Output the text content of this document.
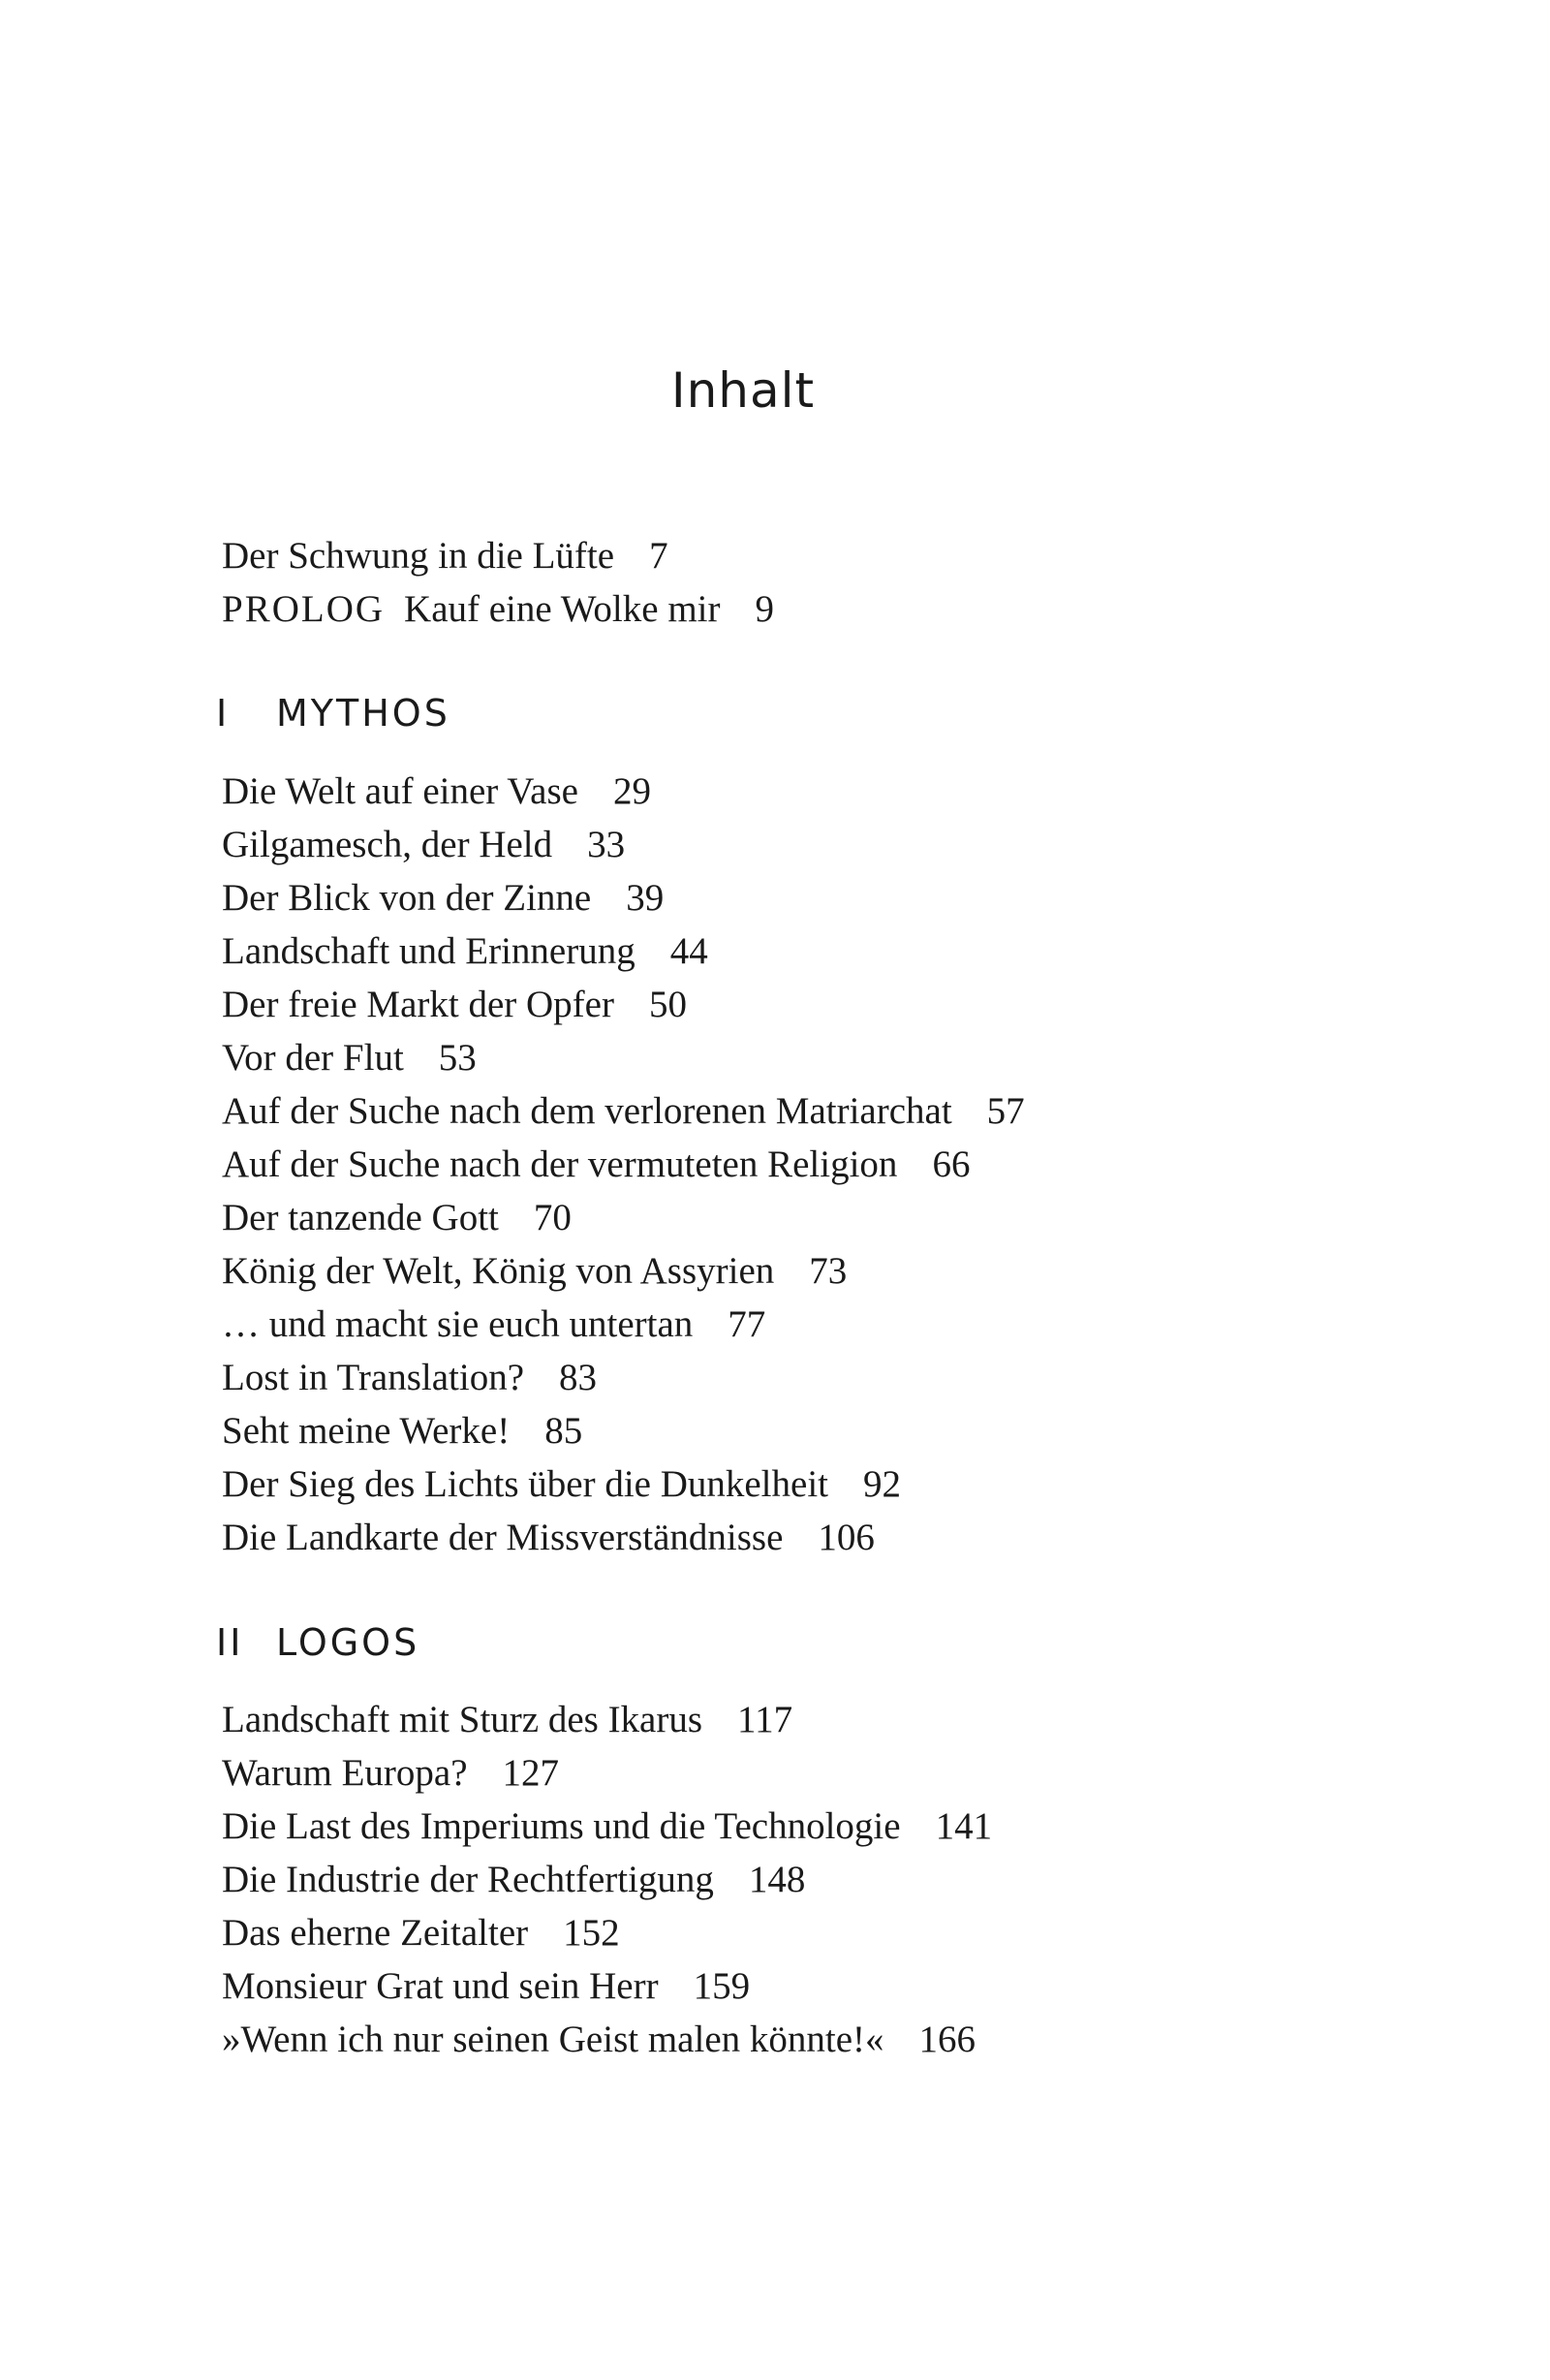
Inhalt
Der Schwung in die Lüfte 7
PROLOG Kauf eine Wolke mir 9
I MYTHOS
Die Welt auf einer Vase 29
Gilgamesch, der Held 33
Der Blick von der Zinne 39
Landschaft und Erinnerung 44
Der freie Markt der Opfer 50
Vor der Flut 53
Auf der Suche nach dem verlorenen Matriarchat 57
Auf der Suche nach der vermuteten Religion 66
Der tanzende Gott 70
König der Welt, König von Assyrien 73
… und macht sie euch untertan 77
Lost in Translation? 83
Seht meine Werke! 85
Der Sieg des Lichts über die Dunkelheit 92
Die Landkarte der Missverständnisse 106
II LOGOS
Landschaft mit Sturz des Ikarus 117
Warum Europa? 127
Die Last des Imperiums und die Technologie 141
Die Industrie der Rechtfertigung 148
Das eherne Zeitalter 152
Monsieur Grat und sein Herr 159
»Wenn ich nur seinen Geist malen könnte!« 166
